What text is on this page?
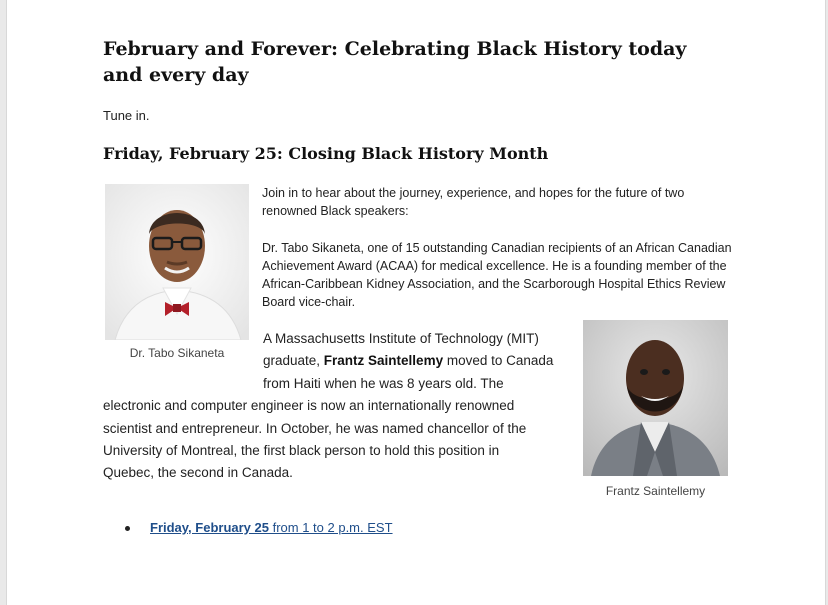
February and Forever: Celebrating Black History today and every day
Tune in.
Friday, February 25: Closing Black History Month
Dr. Tabo Sikaneta
Join in to hear about the journey, experience, and hopes for the future of two renowned Black speakers:
Dr. Tabo Sikaneta, one of 15 outstanding Canadian recipients of an African Canadian Achievement Award (ACAA) for medical excellence. He is a founding member of the African-Caribbean Kidney Association, and the Scarborough Hospital Ethics Review Board vice-chair.
Frantz Saintellemy
A Massachusetts Institute of Technology (MIT)
graduate, Frantz Saintellemy moved to Canada
from Haiti when he was 8 years old. The
electronic and computer engineer is now an internationally renowned
scientist and entrepreneur. In October, he was named chancellor of the
University of Montreal, the first black person to hold this position in
Quebec, the second in Canada.
Friday, February 25 from 1 to 2 p.m. EST
